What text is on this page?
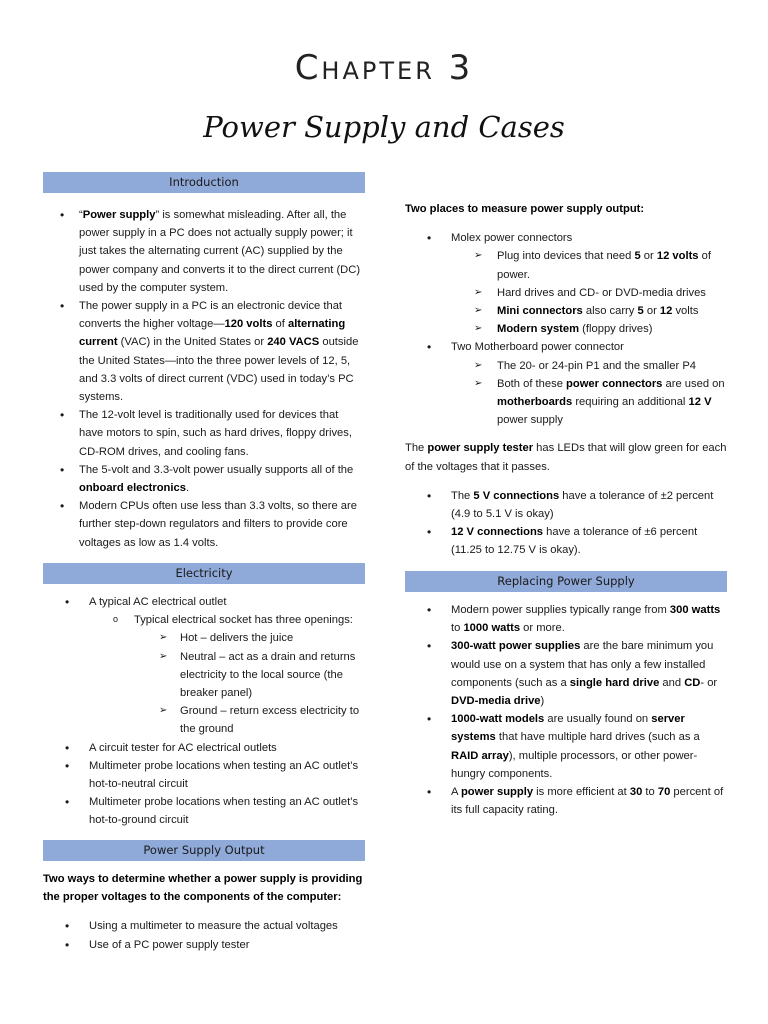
Chapter 3
Power Supply and Cases
Introduction
• “Power supply” is somewhat misleading. After all, the power supply in a PC does not actually supply power; it just takes the alternating current (AC) supplied by the power company and converts it to the direct current (DC) used by the computer system.
• The power supply in a PC is an electronic device that converts the higher voltage—120 volts of alternating current (VAC) in the United States or 240 VACS outside the United States—into the three power levels of 12, 5, and 3.3 volts of direct current (VDC) used in today’s PC systems.
• The 12-volt level is traditionally used for devices that have motors to spin, such as hard drives, floppy drives, CD-ROM drives, and cooling fans.
• The 5-volt and 3.3-volt power usually supports all of the onboard electronics.
• Modern CPUs often use less than 3.3 volts, so there are further step-down regulators and filters to provide core voltages as low as 1.4 volts.
Electricity
• A typical AC electrical outlet
o Typical electrical socket has three openings:
➢ Hot – delivers the juice
➢ Neutral – act as a drain and returns electricity to the local source (the breaker panel)
➢ Ground – return excess electricity to the ground
• A circuit tester for AC electrical outlets
• Multimeter probe locations when testing an AC outlet’s hot-to-neutral circuit
• Multimeter probe locations when testing an AC outlet’s hot-to-ground circuit
Power Supply Output

Two ways to determine whether a power supply is providing the proper voltages to the components of the computer:

• Using a multimeter to measure the actual voltages
• Use of a PC power supply tester

Two places to measure power supply output:

• Molex power connectors
➢ Plug into devices that need 5 or 12 volts of power.
➢ Hard drives and CD- or DVD-media drives
➢ Mini connectors also carry 5 or 12 volts
➢ Modern system (floppy drives)
• Two Motherboard power connector
➢ The 20- or 24-pin P1 and the smaller P4
➢ Both of these power connectors are used on motherboards requiring an additional 12 V power supply

The power supply tester has LEDs that will glow green for each of the voltages that it passes.

• The 5 V connections have a tolerance of ±2 percent (4.9 to 5.1 V is okay)
• 12 V connections have a tolerance of ±6 percent (11.25 to 12.75 V is okay).
Replacing Power Supply
• Modern power supplies typically range from 300 watts to 1000 watts or more.
• 300-watt power supplies are the bare minimum you would use on a system that has only a few installed components (such as a single hard drive and CD- or DVD-media drive)
• 1000-watt models are usually found on server systems that have multiple hard drives (such as a RAID array), multiple processors, or other power-hungry components.
• A power supply is more efficient at 30 to 70 percent of its full capacity rating.
